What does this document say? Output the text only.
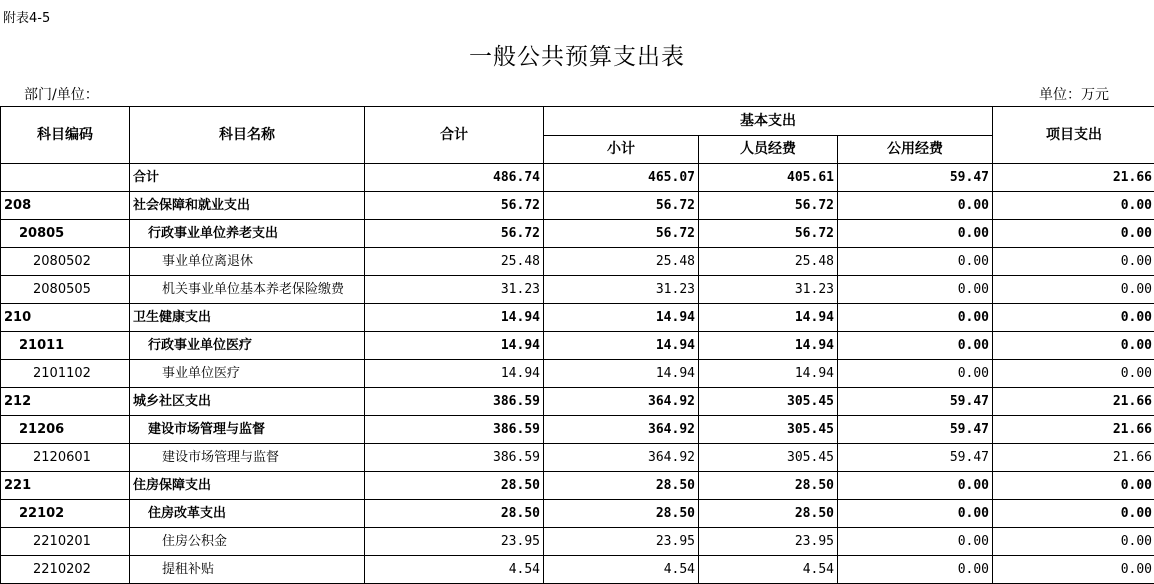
附表4-5
一般公共预算支出表
部门/单位：	单位：万元
科目编码	科目名称	合计	基本支出			项目支出
			小计	人员经费	公用经费	
	合计	486.74	465.07	405.61	59.47	21.66
208	社会保障和就业支出	56.72	56.72	56.72	0.00	0.00
20805	行政事业单位养老支出	56.72	56.72	56.72	0.00	0.00
2080502	事业单位离退休	25.48	25.48	25.48	0.00	0.00
2080505	机关事业单位基本养老保险缴费	31.23	31.23	31.23	0.00	0.00
210	卫生健康支出	14.94	14.94	14.94	0.00	0.00
21011	行政事业单位医疗	14.94	14.94	14.94	0.00	0.00
2101102	事业单位医疗	14.94	14.94	14.94	0.00	0.00
212	城乡社区支出	386.59	364.92	305.45	59.47	21.66
21206	建设市场管理与监督	386.59	364.92	305.45	59.47	21.66
2120601	建设市场管理与监督	386.59	364.92	305.45	59.47	21.66
221	住房保障支出	28.50	28.50	28.50	0.00	0.00
22102	住房改革支出	28.50	28.50	28.50	0.00	0.00
2210201	住房公积金	23.95	23.95	23.95	0.00	0.00
2210202	提租补贴	4.54	4.54	4.54	0.00	0.00
